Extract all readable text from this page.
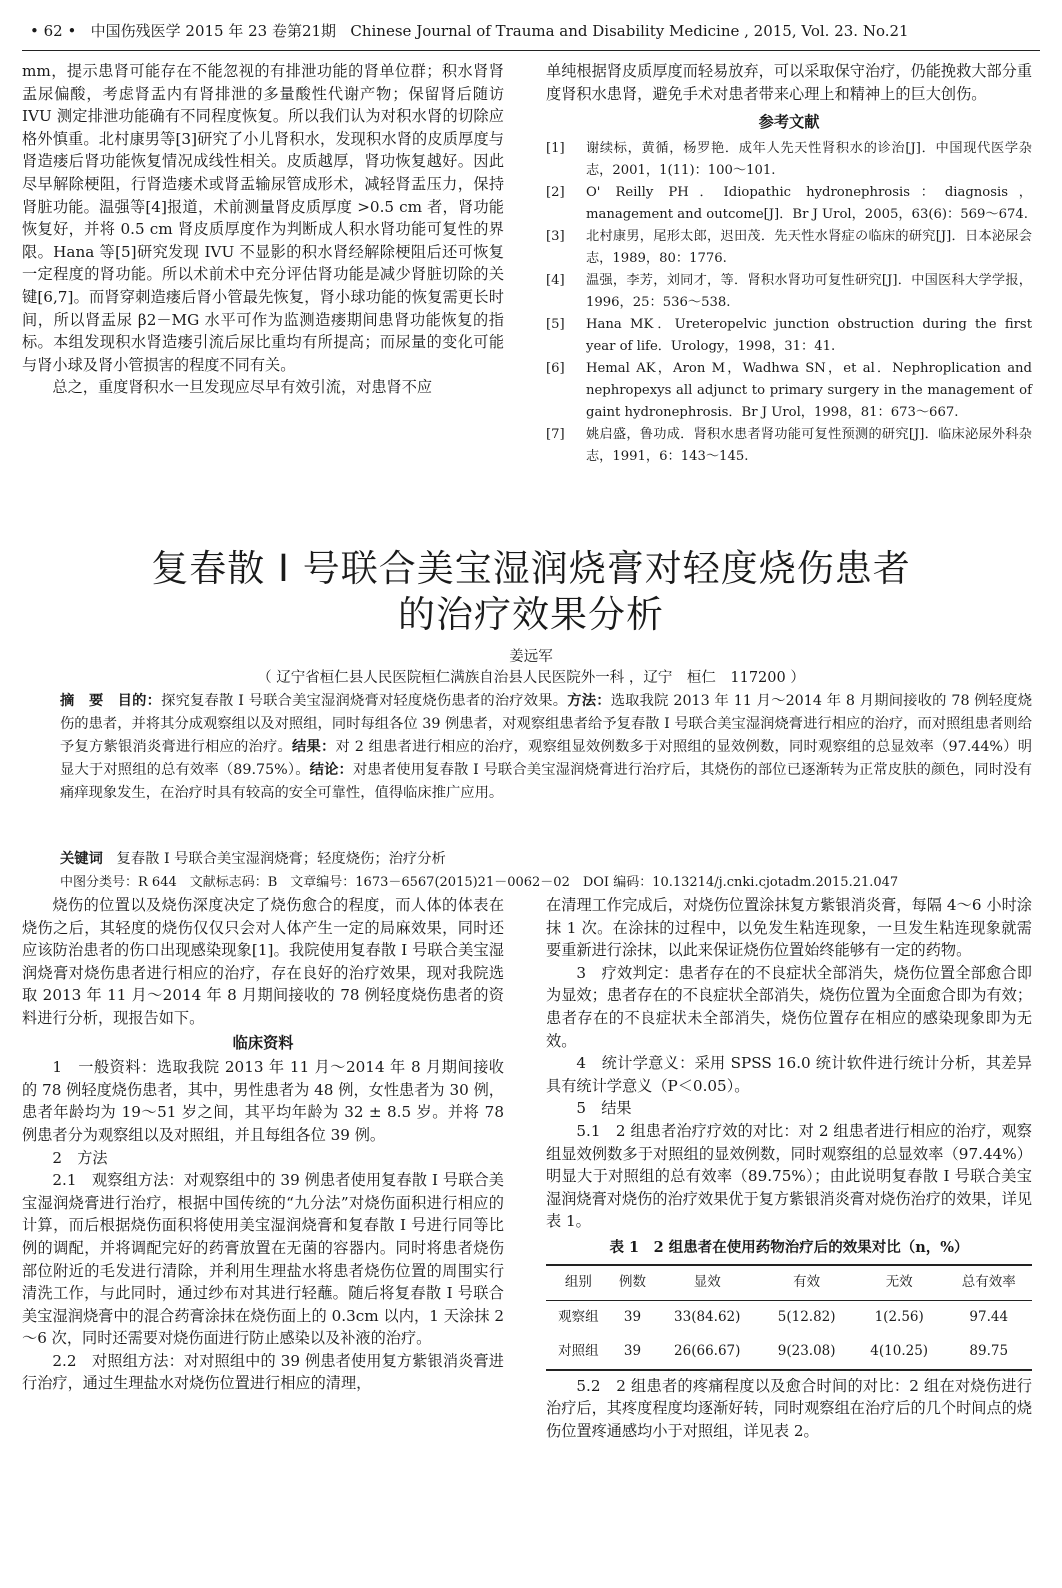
• 62 • 中国伤残医学 2015 年 23 卷第21期 Chinese Journal of Trauma and Disability Medicine , 2015, Vol. 23. No.21

mm，提示患肾可能存在不能忽视的有排泄功能的肾单位群；积水肾肾盂尿偏酸，考虑肾盂内有肾排泄的多量酸性代谢产物；保留肾后随访 IVU 测定排泄功能确有不同程度恢复。所以我们认为对积水肾的切除应格外慎重。北村康男等[3]研究了小儿肾积水，发现积水肾的皮质厚度与肾造瘘后肾功能恢复情况成线性相关。皮质越厚，肾功恢复越好。因此尽早解除梗阻，行肾造瘘术或肾盂输尿管成形术，减轻肾盂压力，保持肾脏功能。温强等[4]报道，术前测量肾皮质厚度 >0.5 cm 者，肾功能恢复好，并将 0.5 cm 肾皮质厚度作为判断成人积水肾功能可复性的界限。Hana 等[5]研究发现 IVU 不显影的积水肾经解除梗阻后还可恢复一定程度的肾功能。所以术前术中充分评估肾功能是减少肾脏切除的关键[6,7]。而肾穿刺造瘘后肾小管最先恢复，肾小球功能的恢复需更长时间，所以肾盂尿 β2－MG 水平可作为监测造瘘期间患肾功能恢复的指标。本组发现积水肾造瘘引流后尿比重均有所提高；而尿量的变化可能与肾小球及肾小管损害的程度不同有关。

总之，重度肾积水一旦发现应尽早有效引流，对患肾不应

单纯根据肾皮质厚度而轻易放弃，可以采取保守治疗，仍能挽救大部分重度肾积水患肾，避免手术对患者带来心理上和精神上的巨大创伤。

参考文献
[1]	谢续标，黄循，杨罗艳．成年人先天性肾积水的诊治[J]．中国现代医学杂志，2001，1(11)：100～101.
[2]	O' Reilly PH．Idiopathic hydronephrosis：diagnosis，management and outcome[J]．Br J Urol，2005，63(6)：569～674.
[3]	北村康男，尾形太郎，迟田茂．先天性水肾症の临床的研究[J]．日本泌尿会志，1989，80：1776.
[4]	温强，李芳，刘同才，等．肾积水肾功可复性研究[J]．中国医科大学学报，1996，25：536～538.
[5]	Hana MK．Ureteropelvic junction obstruction during the first year of life．Urology，1998，31：41.
[6]	Hemal AK，Aron M，Wadhwa SN，et al．Nephroplication and nephropexys all adjunct to primary surgery in the management of gaint hydronephrosis．Br J Urol，1998，81：673～667.
[7]	姚启盛，鲁功成．肾积水患者肾功能可复性预测的研究[J]．临床泌尿外科杂志，1991，6：143～145.
复春散 I 号联合美宝湿润烧膏对轻度烧伤患者
的治疗效果分析
姜远军
（ 辽宁省桓仁县人民医院桓仁满族自治县人民医院外一科 ，辽宁　桓仁　117200 ）
摘　要 目的：探究复春散 I 号联合美宝湿润烧膏对轻度烧伤患者的治疗效果。方法：选取我院 2013 年 11 月～2014 年 8 月期间接收的 78 例轻度烧伤的患者，并将其分成观察组以及对照组，同时每组各位 39 例患者，对观察组患者给予复春散 I 号联合美宝湿润烧膏进行相应的治疗，而对照组患者则给予复方紫银消炎膏进行相应的治疗。结果：对 2 组患者进行相应的治疗，观察组显效例数多于对照组的显效例数，同时观察组的总显效率（97.44%）明显大于对照组的总有效率（89.75%）。结论：对患者使用复春散 I 号联合美宝湿润烧膏进行治疗后，其烧伤的部位已逐渐转为正常皮肤的颜色，同时没有痛痒现象发生，在治疗时具有较高的安全可靠性，值得临床推广应用。
关键词 复春散 I 号联合美宝湿润烧膏；轻度烧伤；治疗分析
中图分类号：R 644　文献标志码：B　文章编号：1673－6567(2015)21－0062－02　DOI 编码：10.13214/j.cnki.cjotadm.2015.21.047

烧伤的位置以及烧伤深度决定了烧伤愈合的程度，而人体的体表在烧伤之后，其轻度的烧伤仅仅只会对人体产生一定的局麻效果，同时还应该防治患者的伤口出现感染现象[1]。我院使用复春散 I 号联合美宝湿润烧膏对烧伤患者进行相应的治疗，存在良好的治疗效果，现对我院选取 2013 年 11 月～2014 年 8 月期间接收的 78 例轻度烧伤患者的资料进行分析，现报告如下。

临床资料

1　一般资料：选取我院 2013 年 11 月～2014 年 8 月期间接收的 78 例轻度烧伤患者，其中，男性患者为 48 例，女性患者为 30 例，患者年龄均为 19～51 岁之间，其平均年龄为 32 ± 8.5 岁。并将 78 例患者分为观察组以及对照组，并且每组各位 39 例。

2　方法

2.1　观察组方法：对观察组中的 39 例患者使用复春散 I 号联合美宝湿润烧膏进行治疗，根据中国传统的“九分法”对烧伤面积进行相应的计算，而后根据烧伤面积将使用美宝湿润烧膏和复春散 I 号进行同等比例的调配，并将调配完好的药膏放置在无菌的容器内。同时将患者烧伤部位附近的毛发进行清除，并利用生理盐水将患者烧伤位置的周围实行清洗工作，与此同时，通过纱布对其进行轻蘸。随后将复春散 I 号联合美宝湿润烧膏中的混合药膏涂抹在烧伤面上的 0.3cm 以内，1 天涂抹 2～6 次，同时还需要对烧伤面进行防止感染以及补液的治疗。

2.2　对照组方法：对对照组中的 39 例患者使用复方紫银消炎膏进行治疗，通过生理盐水对烧伤位置进行相应的清理，

在清理工作完成后，对烧伤位置涂抹复方紫银消炎膏，每隔 4～6 小时涂抹 1 次。在涂抹的过程中，以免发生粘连现象，一旦发生粘连现象就需要重新进行涂抹，以此来保证烧伤位置始终能够有一定的药物。

3　疗效判定：患者存在的不良症状全部消失，烧伤位置全部愈合即为显效；患者存在的不良症状全部消失，烧伤位置为全面愈合即为有效；患者存在的不良症状未全部消失，烧伤位置存在相应的感染现象即为无效。

4　统计学意义：采用 SPSS 16.0 统计软件进行统计分析，其差异具有统计学意义（P＜0.05）。

5　结果

5.1　2 组患者治疗疗效的对比：对 2 组患者进行相应的治疗，观察组显效例数多于对照组的显效例数，同时观察组的总显效率（97.44%）明显大于对照组的总有效率（89.75%）；由此说明复春散 I 号联合美宝湿润烧膏对烧伤的治疗效果优于复方紫银消炎膏对烧伤治疗的效果，详见表 1。

表 1　2 组患者在使用药物治疗后的效果对比（n，%）
组别	例数	显效	有效	无效	总有效率
观察组	39	33(84.62)	5(12.82)	1(2.56)	97.44
对照组	39	26(66.67)	9(23.08)	4(10.25)	89.75

5.2　2 组患者的疼痛程度以及愈合时间的对比：2 组在对烧伤进行治疗后，其疼度程度均逐渐好转，同时观察组在治疗后的几个时间点的烧伤位置疼通感均小于对照组，详见表 2。
